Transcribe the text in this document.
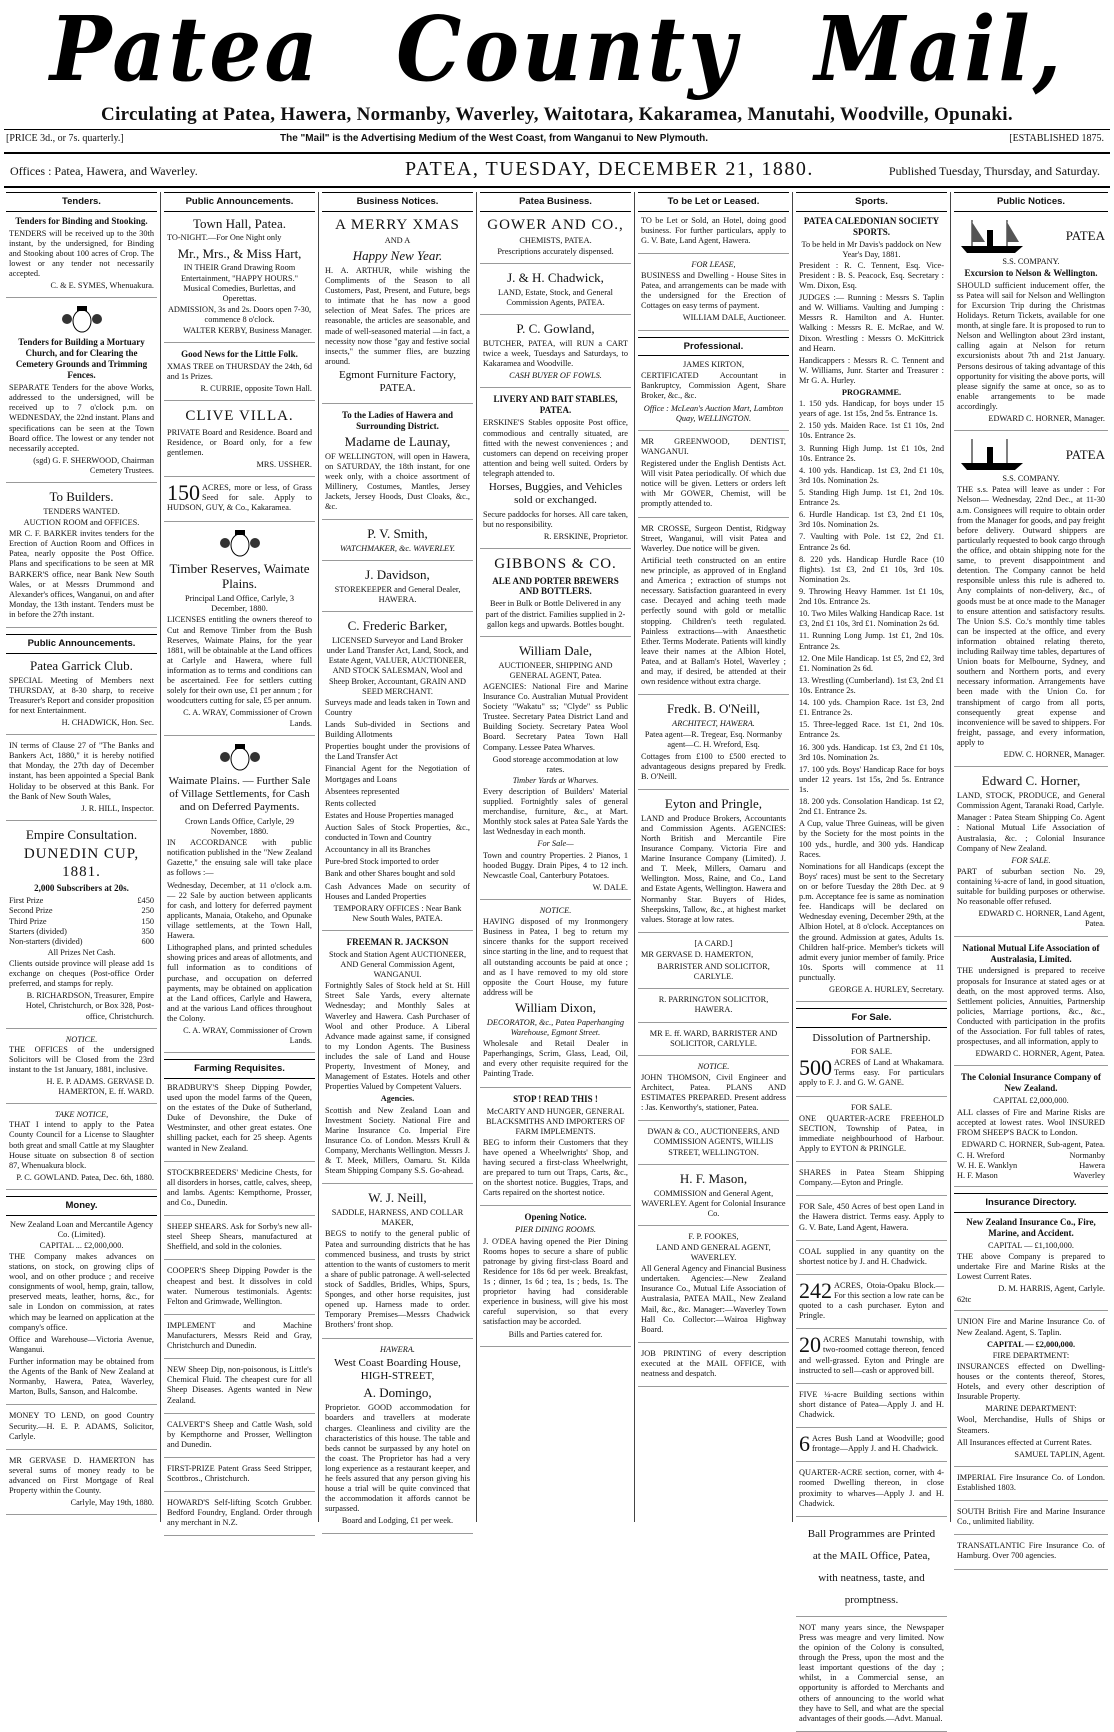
Patea County Mail,
Circulating at Patea, Hawera, Normanby, Waverley, Waitotara, Kakaramea, Manutahi, Woodville, Opunaki.
[PRICE 3d., or 7s. quarterly.]	The "Mail" is the Advertising Medium of the West Coast, from Wanganui to New Plymouth.	[ESTABLISHED 1875.
Offices : Patea, Hawera, and Waverley.	PATEA, TUESDAY, DECEMBER 21, 1880.	Published Tuesday, Thursday, and Saturday.
Tenders.
Tenders for Binding and Stooking.

TENDERS will be received up to the 30th instant, by the undersigned, for Binding and Stooking about 100 acres of Crop. The lowest or any tender not necessarily accepted.

C. & E. SYMES, Whenuakura.
Tenders for Building a Mortuary Church, and for Clearing the Cemetery Grounds and Trimming Fences.

SEPARATE Tenders for the above Works, addressed to the undersigned, will be received up to 7 o'clock p.m. on WEDNESDAY, the 22nd instant. Plans and specifications can be seen at the Town Board office. The lowest or any tender not necessarily accepted.

(sgd) G. F. SHERWOOD, Chairman Cemetery Trustees.
To Builders.
TENDERS WANTED.
AUCTION ROOM and OFFICES.

MR C. F. BARKER invites tenders for the Erection of Auction Room and Offices in Patea, nearly opposite the Post Office. Plans and specifications to be seen at MR BARKER'S office, near Bank New South Wales, or at Messrs Drummond and Alexander's offices, Wanganui, on and after Monday, the 13th instant. Tenders must be in before the 27th instant.

Public Announcements.
Patea Garrick Club.

SPECIAL Meeting of Members next THURSDAY, at 8-30 sharp, to receive Treasurer's Report and consider proposition for next Entertainment.

H. CHADWICK, Hon. Sec.

IN terms of Clause 27 of "The Banks and Bankers Act, 1880," it is hereby notified that Monday, the 27th day of December instant, has been appointed a Special Bank Holiday to be observed at this Bank. For the Bank of New South Wales,

J. R. HILL, Inspector.
Empire Consultation.
DUNEDIN CUP, 1881.
2,000 Subscribers at 20s.
First Prize	£450
Second Prize	250
Third Prize	150
Starters (divided)	350
Non-starters (divided)	600
All Prizes Net Cash.

Clients outside province will please add 1s exchange on cheques (Post-office Order preferred, and stamps for reply.

B. RICHARDSON, Treasurer, Empire Hotel, Christchurch, or Box 328, Post-office, Christchurch.
NOTICE.

THE OFFICES of the undersigned Solicitors will be Closed from the 23rd instant to the 1st January, 1881, inclusive.

H. E. P. ADAMS. GERVASE D. HAMERTON, E. ff. WARD.
TAKE NOTICE,

THAT I intend to apply to the Patea County Council for a License to Slaughter both great and small Cattle at my Slaughter House situate on subsection 8 of section 87, Whenuakura block.

P. C. GOWLAND. Patea, Dec. 6th, 1880.
Money.
New Zealand Loan and Mercantile Agency Co. (Limited).
CAPITAL ... £2,000,000.

THE Company makes advances on stations, on stock, on growing clips of wool, and on other produce ; and receive consignments of wool, hemp, grain, tallow, preserved meats, leather, horns, &c., for sale in London on commission, at rates which may be learned on application at the company's office.

Office and Warehouse—Victoria Avenue, Wanganui.

Further information may be obtained from the Agents of the Bank of New Zealand at Normanby, Hawera, Patea, Waverley, Marton, Bulls, Sanson, and Halcombe.

MONEY TO LEND, on good Country Security.—H. E. P. ADAMS, Solicitor, Carlyle.

MR GERVASE D. HAMERTON has several sums of money ready to be advanced on First Mortgage of Real Property within the County.

Carlyle, May 19th, 1880.
Public Announcements.
Town Hall, Patea.

TO-NIGHT.—For One Night only

Mr., Mrs., & Miss Hart,

IN THEIR Grand Drawing Room Entertainment, "HAPPY HOURS." Musical Comedies, Burlettas, and Operettas.

ADMISSION, 3s and 2s. Doors open 7-30, commence 8 o'clock.

WALTER KERBY, Business Manager.
Good News for the Little Folk.

XMAS TREE on THURSDAY the 24th, 6d and 1s Prizes.

R. CURRIE, opposite Town Hall.
CLIVE VILLA.

PRIVATE Board and Residence. Board and Residence, or Board only, for a few gentlemen.

MRS. USSHER.
150 ACRES, more or less, of Grass Seed for sale. Apply to HUDSON, GUY, & Co., Kakaramea.

Timber Reserves, Waimate Plains.
Principal Land Office, Carlyle, 3 December, 1880.

LICENSES entitling the owners thereof to Cut and Remove Timber from the Bush Reserves, Waimate Plains, for the year 1881, will be obtainable at the Land offices at Carlyle and Hawera, where full information as to terms and conditions can be ascertained. Fee for settlers cutting solely for their own use, £1 per annum ; for woodcutters cutting for sale, £5 per annum.

C. A. WRAY, Commissioner of Crown Lands.
Waimate Plains. — Further Sale of Village Settlements, for Cash and on Deferred Payments.
Crown Lands Office, Carlyle, 29 November, 1880.

IN ACCORDANCE with public notification published in the "New Zealand Gazette," the ensuing sale will take place as follows :—

Wednesday, December, at 11 o'clock a.m. — 22 Sale by auction between applicants for cash, and lottery for deferred payment applicants, Manaia, Otakeho, and Opunake village settlements, at the Town Hall, Hawera.

Lithographed plans, and printed schedules showing prices and areas of allotments, and full information as to conditions of purchase, and occupation on deferred payments, may be obtained on application at the Land offices, Carlyle and Hawera, and at the various Land offices throughout the Colony.

C. A. WRAY, Commissioner of Crown Lands.
Farming Requisites.

BRADBURY'S Sheep Dipping Powder, used upon the model farms of the Queen, on the estates of the Duke of Sutherland, Duke of Devonshire, the Duke of Westminster, and other great estates. One shilling packet, each for 25 sheep. Agents wanted in New Zealand.

STOCKBREEDERS' Medicine Chests, for all disorders in horses, cattle, calves, sheep, and lambs. Agents: Kempthorne, Prosser, and Co., Dunedin.

SHEEP SHEARS. Ask for Sorby's new all-steel Sheep Shears, manufactured at Sheffield, and sold in the colonies.

COOPER'S Sheep Dipping Powder is the cheapest and best. It dissolves in cold water. Numerous testimonials. Agents: Felton and Grimwade, Wellington.

IMPLEMENT and Machine Manufacturers, Messrs Reid and Gray, Christchurch and Dunedin.

NEW Sheep Dip, non-poisonous, is Little's Chemical Fluid. The cheapest cure for all Sheep Diseases. Agents wanted in New Zealand.

CALVERT'S Sheep and Cattle Wash, sold by Kempthorne and Prosser, Wellington and Dunedin.

FIRST-PRIZE Patent Grass Seed Stripper, Scottbros., Christchurch.

HOWARD'S Self-lifting Scotch Grubber. Bedford Foundry, England. Order through any merchant in N.Z.

Business Notices.
A MERRY XMAS
AND A
Happy New Year.

H. A. ARTHUR, while wishing the Compliments of the Season to all Customers, Past, Present, and Future, begs to intimate that he has now a good selection of Meat Safes. The prices are reasonable, the articles are seasonable, and made of well-seasoned material —in fact, a necessity now those "gay and festive social insects," the summer flies, are buzzing around.

Egmont Furniture Factory, PATEA.
To the Ladies of Hawera and Surrounding District.
Madame de Launay,

OF WELLINGTON, will open in Hawera, on SATURDAY, the 18th instant, for one week only, with a choice assortment of Millinery, Costumes, Mantles, Jersey Jackets, Jersey Hoods, Dust Cloaks, &c., &c.

P. V. Smith,
WATCHMAKER, &c. WAVERLEY.
J. Davidson,
STOREKEEPER and General Dealer, HAWERA.
C. Frederic Barker,

LICENSED Surveyor and Land Broker under Land Transfer Act, Land, Stock, and Estate Agent, VALUER, AUCTIONEER, AND STOCK SALESMAN, Wool and Sheep Broker, Accountant, GRAIN AND SEED MERCHANT.

Surveys made and leads taken in Town and Country

Lands Sub-divided in Sections and Building Allotments

Properties bought under the provisions of the Land Transfer Act

Financial Agent for the Negotiation of Mortgages and Loans

Absentees represented

Rents collected

Estates and House Properties managed

Auction Sales of Stock Properties, &c., conducted in Town and Country

Accountancy in all its Branches

Pure-bred Stock imported to order

Bank and other Shares bought and sold

Cash Advances Made on security of Houses and Landed Properties

TEMPORARY OFFICES : Near Bank New South Wales, PATEA.

FREEMAN R. JACKSON

Stock and Station Agent AUCTIONEER, AND General Commission Agent, WANGANUI.

Fortnightly Sales of Stock held at St. Hill Street Sale Yards, every alternate Wednesday; and Monthly Sales at Waverley and Hawera. Cash Purchaser of Wool and other Produce. A Liberal Advance made against same, if consigned to my London Agents. The Business includes the sale of Land and House Property, Investment of Money, and Management of Estates. Hotels and other Properties Valued by Competent Valuers.

Agencies.

Scottish and New Zealand Loan and Investment Society. National Fire and Marine Insurance Co. Imperial Fire Insurance Co. of London. Messrs Krull & Company, Merchants Wellington. Messrs J. & T. Meek, Millers, Oamaru. St. Kilda Steam Shipping Company S.S. Go-ahead.

W. J. Neill,
SADDLE, HARNESS, AND COLLAR MAKER,

BEGS to notify to the general public of Patea and surrounding districts that he has commenced business, and trusts by strict attention to the wants of customers to merit a share of public patronage. A well-selected stock of Saddles, Bridles, Whips, Spurs, Sponges, and other horse requisites, just opened up. Harness made to order. Temporary Premises—Messrs Chadwick Brothers' front shop.

HAWERA.
West Coast Boarding House, HIGH-STREET,
A. Domingo,

Proprietor. GOOD accommodation for boarders and travellers at moderate charges. Cleanliness and civility are the characteristics of this house. The table and beds cannot be surpassed by any hotel on the coast. The Proprietor has had a very long experience as a restaurant keeper, and he feels assured that any person giving his house a trial will be quite convinced that the accommodation it affords cannot be surpassed.

Board and Lodging, £1 per week.
Patea Business.
GOWER AND CO.,
CHEMISTS, PATEA.
Prescriptions accurately dispensed.
J. & H. Chadwick,

LAND, Estate, Stock, and General Commission Agents, PATEA.

P. C. Gowland,

BUTCHER, PATEA, will RUN a CART twice a week, Tuesdays and Saturdays, to Kakaramea and Woodville.

CASH BUYER OF FOWLS.
LIVERY AND BAIT STABLES, PATEA.

ERSKINE'S Stables opposite Post office, commodious and centrally situated, are fitted with the newest conveniences ; and customers can depend on receiving proper attention and being well suited. Orders by telegraph attended to.

Horses, Buggies, and Vehicles sold or exchanged.

Secure paddocks for horses. All care taken, but no responsibility.

R. ERSKINE, Proprietor.
GIBBONS & CO.
ALE AND PORTER BREWERS AND BOTTLERS.

Beer in Bulk or Bottle Delivered in any part of the district. Families supplied in 2-gallon kegs and upwards. Bottles bought.

William Dale,

AUCTIONEER, SHIPPING AND GENERAL AGENT, Patea.

AGENCIES: National Fire and Marine Insurance Co. Australian Mutual Provident Society "Wakatu" ss; "Clyde" ss Public Trustee. Secretary Patea District Land and Building Society. Secretary Patea Wool Board. Secretary Patea Town Hall Company. Lessee Patea Wharves.

Good storeage accommodation at low rates.

Timber Yards at Wharves.

Every description of Builders' Material supplied. Fortnightly sales of general merchandise, furniture, &c., at Mart. Monthly stock sales at Patea Sale Yards the last Wednesday in each month.

For Sale—

Town and country Properties. 2 Pianos, 1 hooded Buggy. Drain Pipes, 4 to 12 inch. Newcastle Coal, Canterbury Potatoes.

W. DALE.
NOTICE.

HAVING disposed of my Ironmongery Business in Patea, I beg to return my sincere thanks for the support received since starting in the line, and to request that all outstanding accounts be paid at once ; and as I have removed to my old store opposite the Court House, my future address will be

William Dixon,

DECORATOR, &c., Patea Paperhanging Warehouse, Egmont Street.

Wholesale and Retail Dealer in Paperhangings, Scrim, Glass, Lead, Oil, and every other requisite required for the Painting Trade.

STOP ! READ THIS !

McCARTY AND HUNGER, GENERAL BLACKSMITHS AND IMPORTERS OF FARM IMPLEMENTS.

BEG to inform their Customers that they have opened a Wheelwrights' Shop, and having secured a first-class Wheelwright, are prepared to turn out Traps, Carts, &c., on the shortest notice. Buggies, Traps, and Carts repaired on the shortest notice.

Opening Notice.
PIER DINING ROOMS.

J. O'DEA having opened the Pier Dining Rooms hopes to secure a share of public patronage by giving first-class Board and Residence for 18s 6d per week. Breakfast, 1s ; dinner, 1s 6d ; tea, 1s ; beds, 1s. The proprietor having had considerable experience in business, will give his most careful supervision, so that every satisfaction may be accorded.

Bills and Parties catered for.
To be Let or Leased.

TO be Let or Sold, an Hotel, doing good business. For further particulars, apply to G. V. Bate, Land Agent, Hawera.

FOR LEASE,

BUSINESS and Dwelling - House Sites in Patea, and arrangements can be made with the undersigned for the Erection of Cottages on easy terms of payment.

WILLIAM DALE, Auctioneer.
Professional.
JAMES KIRTON,

CERTIFICATED Accountant in Bankruptcy, Commission Agent, Share Broker, &c., &c.

Office : McLean's Auction Mart, Lambton Quay, WELLINGTON.

MR GREENWOOD, DENTIST, WANGANUI.

Registered under the English Dentists Act. Will visit Patea periodically. Of which due notice will be given. Letters or orders left with Mr GOWER, Chemist, will be promptly attended to.

MR CROSSE, Surgeon Dentist, Ridgway Street, Wanganui, will visit Patea and Waverley. Due notice will be given.

Artificial teeth constructed on an entire new principle, as approved of in England and America ; extraction of stumps not necessary. Satisfaction guaranteed in every case. Decayed and aching teeth made perfectly sound with gold or metallic stopping. Children's teeth regulated. Painless extractions—with Anaesthetic Ether. Terms Moderate. Patients will kindly leave their names at the Albion Hotel, Patea, and at Ballam's Hotel, Waverley ; and may, if desired, be attended at their own residence without extra charge.

Fredk. B. O'Neill,
ARCHITECT, HAWERA.

Patea agent—R. Tregear, Esq. Normanby agent—C. H. Wreford, Esq.

Cottages from £100 to £500 erected to advantageous designs prepared by Fredk. B. O'Neill.

Eyton and Pringle,

LAND and Produce Brokers, Accountants and Commission Agents. AGENCIES: North British and Mercantile Fire Insurance Company. Victoria Fire and Marine Insurance Company (Limited). J. and T. Meek, Millers, Oamaru and Wellington. Moss, Raine, and Co., Land and Estate Agents, Wellington. Hawera and Normanby Star. Buyers of Hides, Sheepskins, Tallow, &c., at highest market values. Storage at low rates.

[A CARD.]

MR GERVASE D. HAMERTON,

BARRISTER AND SOLICITOR, CARLYLE.

R. PARRINGTON SOLICITOR, HAWERA.

MR E. ff. WARD, BARRISTER AND SOLICITOR, CARLYLE.

NOTICE.

JOHN THOMSON, Civil Engineer and Architect, Patea. PLANS AND ESTIMATES PREPARED. Present address : Jas. Kenworthy's, stationer, Patea.

DWAN & CO., AUCTIONEERS, AND COMMISSION AGENTS, WILLIS STREET, WELLINGTON.

H. F. Mason,

COMMISSION and General Agent, WAVERLEY. Agent for Colonial Insurance Co.

F. P. FOOKES,
LAND AND GENERAL AGENT, WAVERLEY.

All General Agency and Financial Business undertaken. Agencies:—New Zealand Insurance Co., Mutual Life Association of Australasia, PATEA MAIL, New Zealand Mail, &c., &c. Manager:—Waverley Town Hall Co. Collector:—Wairoa Highway Board.

JOB PRINTING of every description executed at the MAIL OFFICE, with neatness and despatch.

Sports.
PATEA CALEDONIAN SOCIETY SPORTS.

To be held in Mr Davis's paddock on New Year's Day, 1881.

President : R. C. Tennent, Esq. Vice-President : B. S. Peacock, Esq. Secretary : Wm. Dixon, Esq.

JUDGES :— Running : Messrs S. Taplin and W. Williams. Vaulting and Jumping : Messrs R. Hamilton and A. Hunter. Walking : Messrs R. E. McRae, and W. Dixon. Wrestling : Messrs O. McKittrick and Hearn.

Handicappers : Messrs R. C. Tennent and W. Williams, Junr. Starter and Treasurer : Mr G. A. Hurley.

PROGRAMME.

1. 150 yds. Handicap, for boys under 15 years of age. 1st 15s, 2nd 5s. Entrance 1s.

2. 150 yds. Maiden Race. 1st £1 10s, 2nd 10s. Entrance 2s.

3. Running High Jump. 1st £1 10s, 2nd 10s. Entrance 2s.

4. 100 yds. Handicap. 1st £3, 2nd £1 10s, 3rd 10s. Nomination 2s.

5. Standing High Jump. 1st £1, 2nd 10s. Entrance 2s.

6. Hurdle Handicap. 1st £3, 2nd £1 10s, 3rd 10s. Nomination 2s.

7. Vaulting with Pole. 1st £2, 2nd £1. Entrance 2s 6d.

8. 220 yds. Handicap Hurdle Race (10 flights). 1st £3, 2nd £1 10s, 3rd 10s. Nomination 2s.

9. Throwing Heavy Hammer. 1st £1 10s, 2nd 10s. Entrance 2s.

10. Two Miles Walking Handicap Race. 1st £3, 2nd £1 10s, 3rd £1. Nomination 2s 6d.

11. Running Long Jump. 1st £1, 2nd 10s. Entrance 2s.

12. One Mile Handicap. 1st £5, 2nd £2, 3rd £1. Nomination 2s 6d.

13. Wrestling (Cumberland). 1st £3, 2nd £1 10s. Entrance 2s.

14. 100 yds. Champion Race. 1st £3, 2nd £1. Entrance 2s.

15. Three-legged Race. 1st £1, 2nd 10s. Entrance 2s.

16. 300 yds. Handicap. 1st £3, 2nd £1 10s, 3rd 10s. Nomination 2s.

17. 100 yds. Boys' Handicap Race for boys under 12 years. 1st 15s, 2nd 5s. Entrance 1s.

18. 200 yds. Consolation Handicap. 1st £2, 2nd £1. Entrance 2s.

A Cup, value Three Guineas, will be given by the Society for the most points in the 100 yds., hurdle, and 300 yds. Handicap Races.

Nominations for all Handicaps (except the Boys' races) must be sent to the Secretary on or before Tuesday the 28th Dec. at 9 p.m. Acceptance fee is same as nomination fee. Handicaps will be declared on Wednesday evening, December 29th, at the Albion Hotel, at 8 o'clock. Acceptances on the ground. Admission at gates, Adults 1s. Children half-price. Member's tickets will admit every junior member of family. Price 10s. Sports will commence at 11 punctually.

GEORGE A. HURLEY, Secretary.
For Sale.
Dissolution of Partnership.
FOR SALE.
500 ACRES of Land at Whakamara. Terms easy. For particulars apply to F. J. and G. W. GANE.

FOR SALE.

ONE QUARTER-ACRE FREEHOLD SECTION, Township of Patea, in immediate neighbourhood of Harbour. Apply to EYTON & PRINGLE.

SHARES in Patea Steam Shipping Company.—Eyton and Pringle.

FOR Sale, 450 Acres of best open Land in the Hawera district. Terms easy. Apply to G. V. Bate, Land Agent, Hawera.

COAL supplied in any quantity on the shortest notice by J. and H. Chadwick.

242 ACRES, Otoia-Opaku Block.— For this section a low rate can be quoted to a cash purchaser. Eyton and Pringle.

20 ACRES Manutahi township, with two-roomed cottage thereon, fenced and well-grassed. Eyton and Pringle are instructed to sell—cash or approved bill.

FIVE ¼-acre Building sections within short distance of Patea—Apply J. and H. Chadwick.

6 Acres Bush Land at Woodville; good frontage—Apply J. and H. Chadwick.

QUARTER-ACRE section, corner, with 4-roomed Dwelling thereon, in close proximity to wharves—Apply J. and H. Chadwick.

Ball Programmes are Printed
at the MAIL Office, Patea,
with neatness, taste, and
promptness.

NOT many years since, the Newspaper Press was meagre and very limited. Now the opinion of the Colony is consulted, through the Press, upon the most and the least important questions of the day ; whilst, in a Commercial sense, an opportunity is afforded to Merchants and others of announcing to the world what they have to Sell, and what are the special advantages of their goods.—Advt. Manual.

Public Notices.
PATEA
S.S. COMPANY.
Excursion to Nelson & Wellington.

SHOULD sufficient inducement offer, the ss Patea will sail for Nelson and Wellington for Excursion Trip during the Christmas Holidays. Return Tickets, available for one month, at single fare. It is proposed to run to Nelson and Wellington about 23rd instant, calling again at Nelson for return excursionists about 7th and 21st January. Persons desirous of taking advantage of this opportunity for visiting the above ports, will please signify the same at once, so as to enable arrangements to be made accordingly.

EDWARD C. HORNER, Manager.
PATEA
S.S. COMPANY.

THE s.s. Patea will leave as under : For Nelson— Wednesday, 22nd Dec., at 11-30 a.m. Consignees will require to obtain order from the Manager for goods, and pay freight before delivery. Outward shippers are particularly requested to book cargo through the office, and obtain shipping note for the same, to prevent disappointment and detention. The Company cannot be held responsible unless this rule is adhered to. Any complaints of non-delivery, &c., of goods must be at once made to the Manager to ensure attention and satisfactory results. The Union S.S. Co.'s monthly time tables can be inspected at the office, and every information obtained relating thereto, including Railway time tables, departures of Union boats for Melbourne, Sydney, and southern and Northern ports, and every necessary information. Arrangements have been made with the Union Co. for transhipment of cargo from all ports, consequently great expense and inconvenience will be saved to shippers. For freight, passage, and every information, apply to

EDW. C. HORNER, Manager.
Edward C. Horner,

LAND, STOCK, PRODUCE, and General Commission Agent, Taranaki Road, Carlyle.

Manager : Patea Steam Shipping Co. Agent : National Mutual Life Association of Australasia, &c. ; Colonial Insurance Company of New Zealand.

FOR SALE.

PART of suburban section No. 29, containing ¼-acre of land, in good situation, suitable for building purposes or otherwise. No reasonable offer refused.

EDWARD C. HORNER, Land Agent, Patea.
National Mutual Life Association of Australasia, Limited.

THE undersigned is prepared to receive proposals for Insurance at stated ages or at death, on the most approved terms. Also, Settlement policies, Annuities, Partnership policies, Marriage portions, &c., &c., Conducted with participation in the profits of the Association. For full tables of rates, prospectuses, and all information, apply to

EDWARD C. HORNER, Agent, Patea.
The Colonial Insurance Company of New Zealand.
CAPITAL £2,000,000.

ALL classes of Fire and Marine Risks are accepted at lowest rates. Wool INSURED FROM SHEEP'S BACK to London.

EDWARD C. HORNER, Sub-agent, Patea.
C. H. Wreford	Normanby
W. H. E. Wanklyn	Hawera
H. F. Mason	Waverley
Insurance Directory.
New Zealand Insurance Co., Fire, Marine, and Accident.
CAPITAL — £1,100,000.

THE above Company is prepared to undertake Fire and Marine Risks at the Lowest Current Rates.

D. M. HARRIS, Agent, Carlyle.
62tc

UNION Fire and Marine Insurance Co. of New Zealand. Agent, S. Taplin.

CAPITAL — £2,000,000.
FIRE DEPARTMENT:

INSURANCES effected on Dwelling-houses or the contents thereof, Stores, Hotels, and every other description of Insurable Property.

MARINE DEPARTMENT:

Wool, Merchandise, Hulls of Ships or Steamers.

All Insurances effected at Current Rates.

SAMUEL TAPLIN, Agent.

IMPERIAL Fire Insurance Co. of London. Established 1803.

SOUTH British Fire and Marine Insurance Co., unlimited liability.

TRANSATLANTIC Fire Insurance Co. of Hamburg. Over 700 agencies.
